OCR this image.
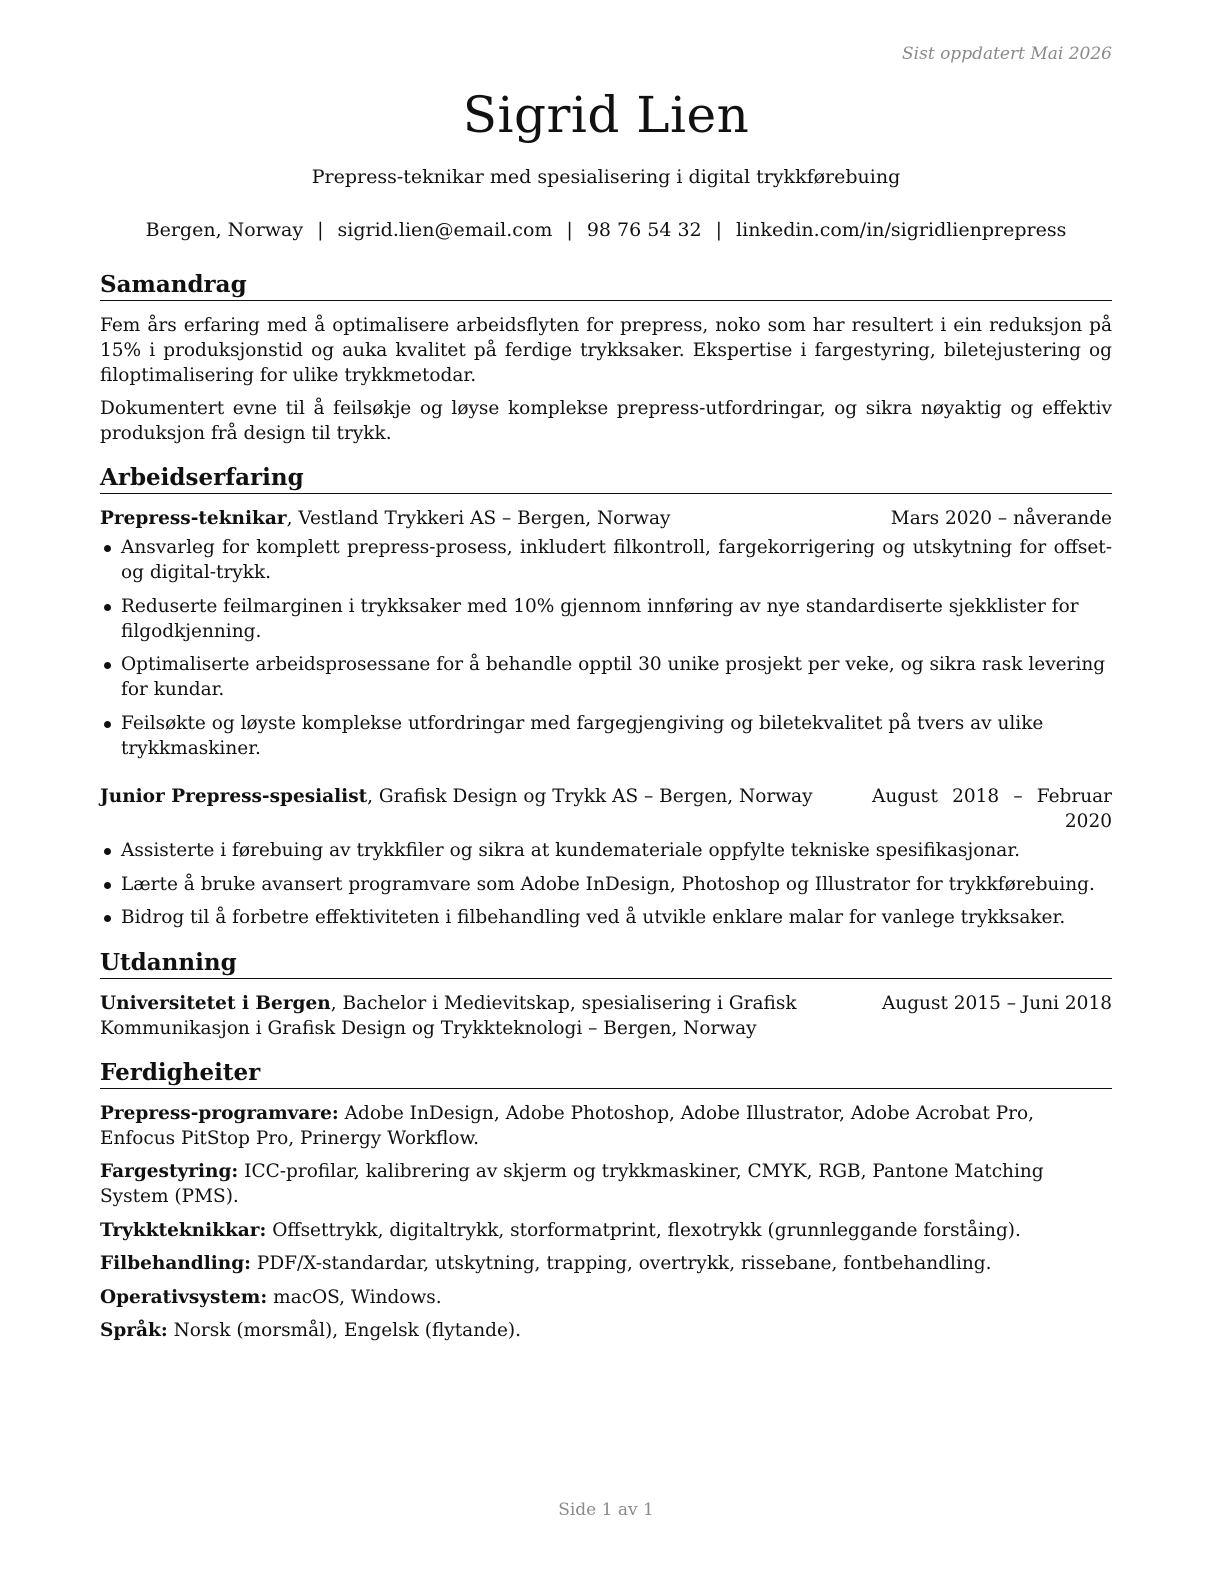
Sist oppdatert Mai 2026
Sigrid Lien
Prepress-teknikar med spesialisering i digital trykkførebuing
Bergen, Norway | sigrid.lien@email.com | 98 76 54 32 | linkedin.com/in/sigridlienprepress
Samandrag

Fem års erfaring med å optimalisere arbeidsflyten for prepress, noko som har resultert i ein reduksjon på 15% i produksjonstid og auka kvalitet på ferdige trykksaker. Ekspertise i fargestyring, biletejustering og filoptimalisering for ulike trykkmetodar.

Dokumentert evne til å feilsøkje og løyse komplekse prepress-utfordringar, og sikra nøyaktig og effektiv produksjon frå design til trykk.

Arbeidserfaring
Prepress-teknikar, Vestland Trykkeri AS – Bergen, Norway	Mars 2020 – nåverande
Ansvarleg for komplett prepress-prosess, inkludert filkontroll, fargekorrigering og utskytning for offset- og digital-trykk.
Reduserte feilmarginen i trykksaker med 10% gjennom innføring av nye standardiserte sjekklister for filgodkjenning.
Optimaliserte arbeidsprosessane for å behandle opptil 30 unike prosjekt per veke, og sikra rask levering for kundar.
Feilsøkte og løyste komplekse utfordringar med fargegjengiving og biletekvalitet på tvers av ulike trykkmaskiner.
Junior Prepress-spesialist, Grafisk Design og Trykk AS – Bergen, Norway	August 2018 – Februar 2020
Assisterte i førebuing av trykkfiler og sikra at kundemateriale oppfylte tekniske spesifikasjonar.
Lærte å bruke avansert programvare som Adobe InDesign, Photoshop og Illustrator for trykkførebuing.
Bidrog til å forbetre effektiviteten i filbehandling ved å utvikle enklare malar for vanlege trykksaker.
Utdanning
Universitetet i Bergen, Bachelor i Medievitskap, spesialisering i Grafisk Kommunikasjon i Grafisk Design og Trykkteknologi – Bergen, Norway
August 2015 – Juni 2018
Ferdigheiter
Prepress-programvare: Adobe InDesign, Adobe Photoshop, Adobe Illustrator, Adobe Acrobat Pro, Enfocus PitStop Pro, Prinergy Workflow.
Fargestyring: ICC-profilar, kalibrering av skjerm og trykkmaskiner, CMYK, RGB, Pantone Matching System (PMS).
Trykkteknikkar: Offsettrykk, digitaltrykk, storformatprint, flexotrykk (grunnleggande forståing).
Filbehandling: PDF/X-standardar, utskytning, trapping, overtrykk, rissebane, fontbehandling.
Operativsystem: macOS, Windows.
Språk: Norsk (morsmål), Engelsk (flytande).
Side 1 av 1
